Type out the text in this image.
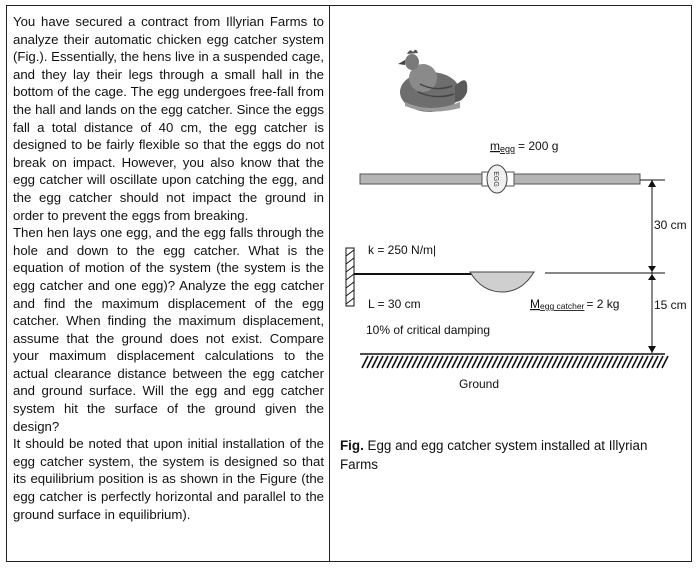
You have secured a contract from Illyrian Farms to analyze their automatic chicken egg catcher system (Fig.). Essentially, the hens live in a suspended cage, and they lay their legs through a small hall in the bottom of the cage. The egg undergoes free-fall from the hall and lands on the egg catcher. Since the eggs fall a total distance of 40 cm, the egg catcher is designed to be fairly flexible so that the eggs do not break on impact. However, you also know that the egg catcher will oscillate upon catching the egg, and the egg catcher should not impact the ground in order to prevent the eggs from breaking.

Then hen lays one egg, and the egg falls through the hole and down to the egg catcher. What is the equation of motion of the system (the system is the egg catcher and one egg)? Analyze the egg catcher and find the maximum displacement of the egg catcher. When finding the maximum displacement, assume that the ground does not exist. Compare your maximum displacement calculations to the actual clearance distance between the egg catcher and ground surface. Will the egg and egg catcher system hit the surface of the ground given the design?

It should be noted that upon initial installation of the egg catcher system, the system is designed so that its equilibrium position is as shown in the Figure (the egg catcher is perfectly horizontal and parallel to the ground surface in equilibrium).

megg = 200 g
EGG
30 cm
15 cm
k = 250 N/m|
L = 30 cm	Megg catcher = 2 kg
10% of critical damping
Ground
Fig. Egg and egg catcher system installed at Illyrian Farms
